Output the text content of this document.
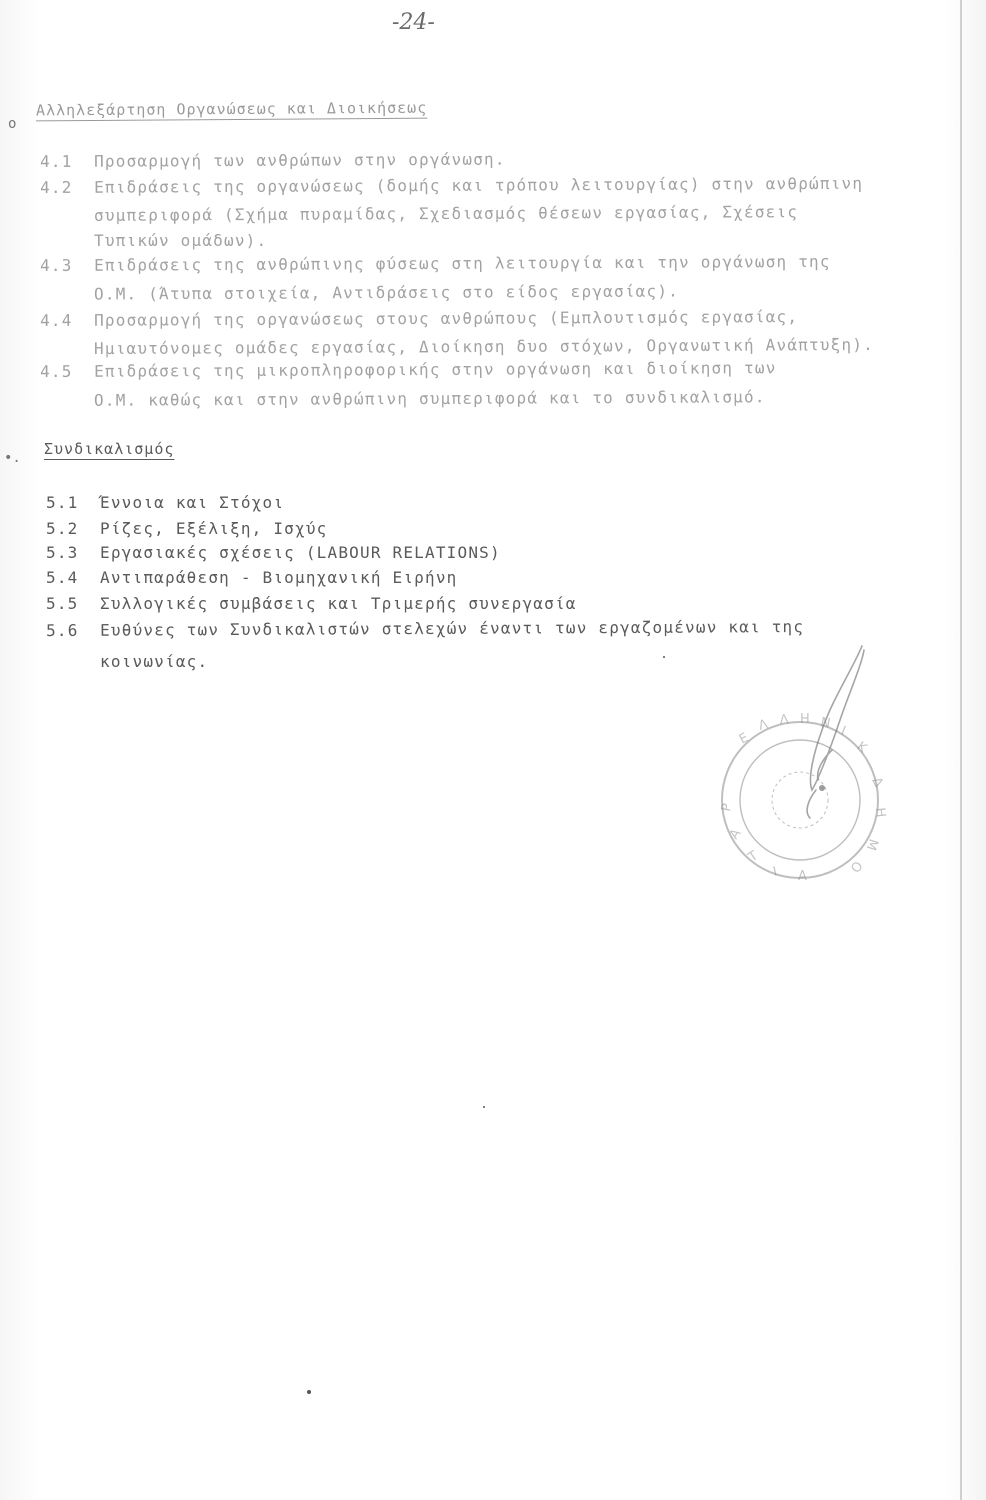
-24-
o
•.
Αλληλεξάρτηση Οργανώσεως και Διοικήσεως
4.1 Προσαρμογή των ανθρώπων στην οργάνωση.
4.2 Επιδράσεις της οργανώσεως (δομής και τρόπου λειτουργίας) στην ανθρώπινη
συμπεριφορά (Σχήμα πυραμίδας, Σχεδιασμός θέσεων εργασίας, Σχέσεις
Τυπικών ομάδων).
4.3 Επιδράσεις της ανθρώπινης φύσεως στη λειτουργία και την οργάνωση της
Ο.Μ. (Άτυπα στοιχεία, Αντιδράσεις στο είδος εργασίας).
4.4 Προσαρμογή της οργανώσεως στους ανθρώπους (Εμπλουτισμός εργασίας,
Ημιαυτόνομες ομάδες εργασίας, Διοίκηση δυο στόχων, Οργανωτική Ανάπτυξη).
4.5 Επιδράσεις της μικροπληροφορικής στην οργάνωση και διοίκηση των
Ο.Μ. καθώς και στην ανθρώπινη συμπεριφορά και το συνδικαλισμό.
Συνδικαλισμός
5.1 Έννοια και Στόχοι
5.2 Ρίζες, Εξέλιξη, Ισχύς
5.3 Εργασιακές σχέσεις (LABOUR RELATIONS)
5.4 Αντιπαράθεση - Βιομηχανική Ειρήνη
5.5 Συλλογικές συμβάσεις και Τριμερής συνεργασία
5.6 Ευθύνες των Συνδικαλιστών στελεχών έναντι των εργαζομένων και της
κοινωνίας.
Ε
Λ Λ Η Ν Ι
Κ
Δ
Η
Μ
Ο
Ρ
Α
Τ
Ι Α
